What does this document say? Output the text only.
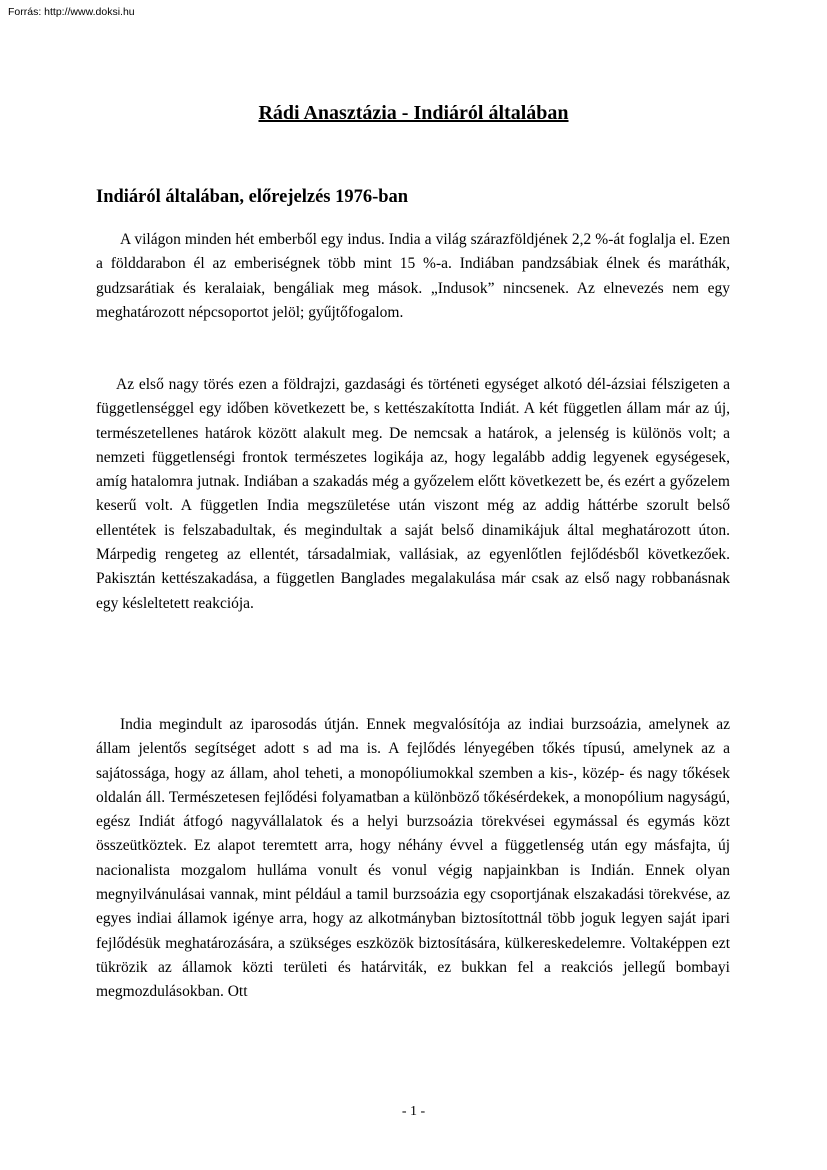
Forrás: http://www.doksi.hu
Rádi Anasztázia - Indiáról általában
Indiáról általában, előrejelzés 1976-ban

A világon minden hét emberből egy indus. India a világ szárazföldjének 2,2 %-át foglalja el. Ezen a földdarabon él az emberiségnek több mint 15 %-a. Indiában pandzsábiak élnek és maráthák, gudzsarátiak és keralaiak, bengáliak meg mások. „Indusok” nincsenek. Az elnevezés nem egy meghatározott népcsoportot jelöl; gyűjtőfogalom.

Az első nagy törés ezen a földrajzi, gazdasági és történeti egységet alkotó dél-ázsiai félszigeten a függetlenséggel egy időben következett be, s kettészakította Indiát. A két független állam már az új, természetellenes határok között alakult meg. De nemcsak a határok, a jelenség is különös volt; a nemzeti függetlenségi frontok természetes logikája az, hogy legalább addig legyenek egységesek, amíg hatalomra jutnak. Indiában a szakadás még a győzelem előtt következett be, és ezért a győzelem keserű volt. A független India megszületése után viszont még az addig háttérbe szorult belső ellentétek is felszabadultak, és megindultak a saját belső dinamikájuk által meghatározott úton. Márpedig rengeteg az ellentét, társadalmiak, vallásiak, az egyenlőtlen fejlődésből következőek. Pakisztán kettészakadása, a független Banglades megalakulása már csak az első nagy robbanásnak egy késleltetett reakciója.

India megindult az iparosodás útján. Ennek megvalósítója az indiai burzsoázia, amelynek az állam jelentős segítséget adott s ad ma is. A fejlődés lényegében tőkés típusú, amelynek az a sajátossága, hogy az állam, ahol teheti, a monopóliumokkal szemben a kis-, közép- és nagy tőkések oldalán áll. Természetesen fejlődési folyamatban a különböző tőkésérdekek, a monopólium nagyságú, egész Indiát átfogó nagyvállalatok és a helyi burzsoázia törekvései egymással és egymás közt összeütköztek. Ez alapot teremtett arra, hogy néhány évvel a függetlenség után egy másfajta, új nacionalista mozgalom hulláma vonult és vonul végig napjainkban is Indián. Ennek olyan megnyilvánulásai vannak, mint például a tamil burzsoázia egy csoportjának elszakadási törekvése, az egyes indiai államok igénye arra, hogy az alkotmányban biztosítottnál több joguk legyen saját ipari fejlődésük meghatározására, a szükséges eszközök biztosítására, külkereskedelemre. Voltaképpen ezt tükrözik az államok közti területi és határviták, ez bukkan fel a reakciós jellegű bombayi megmozdulásokban. Ott

- 1 -
